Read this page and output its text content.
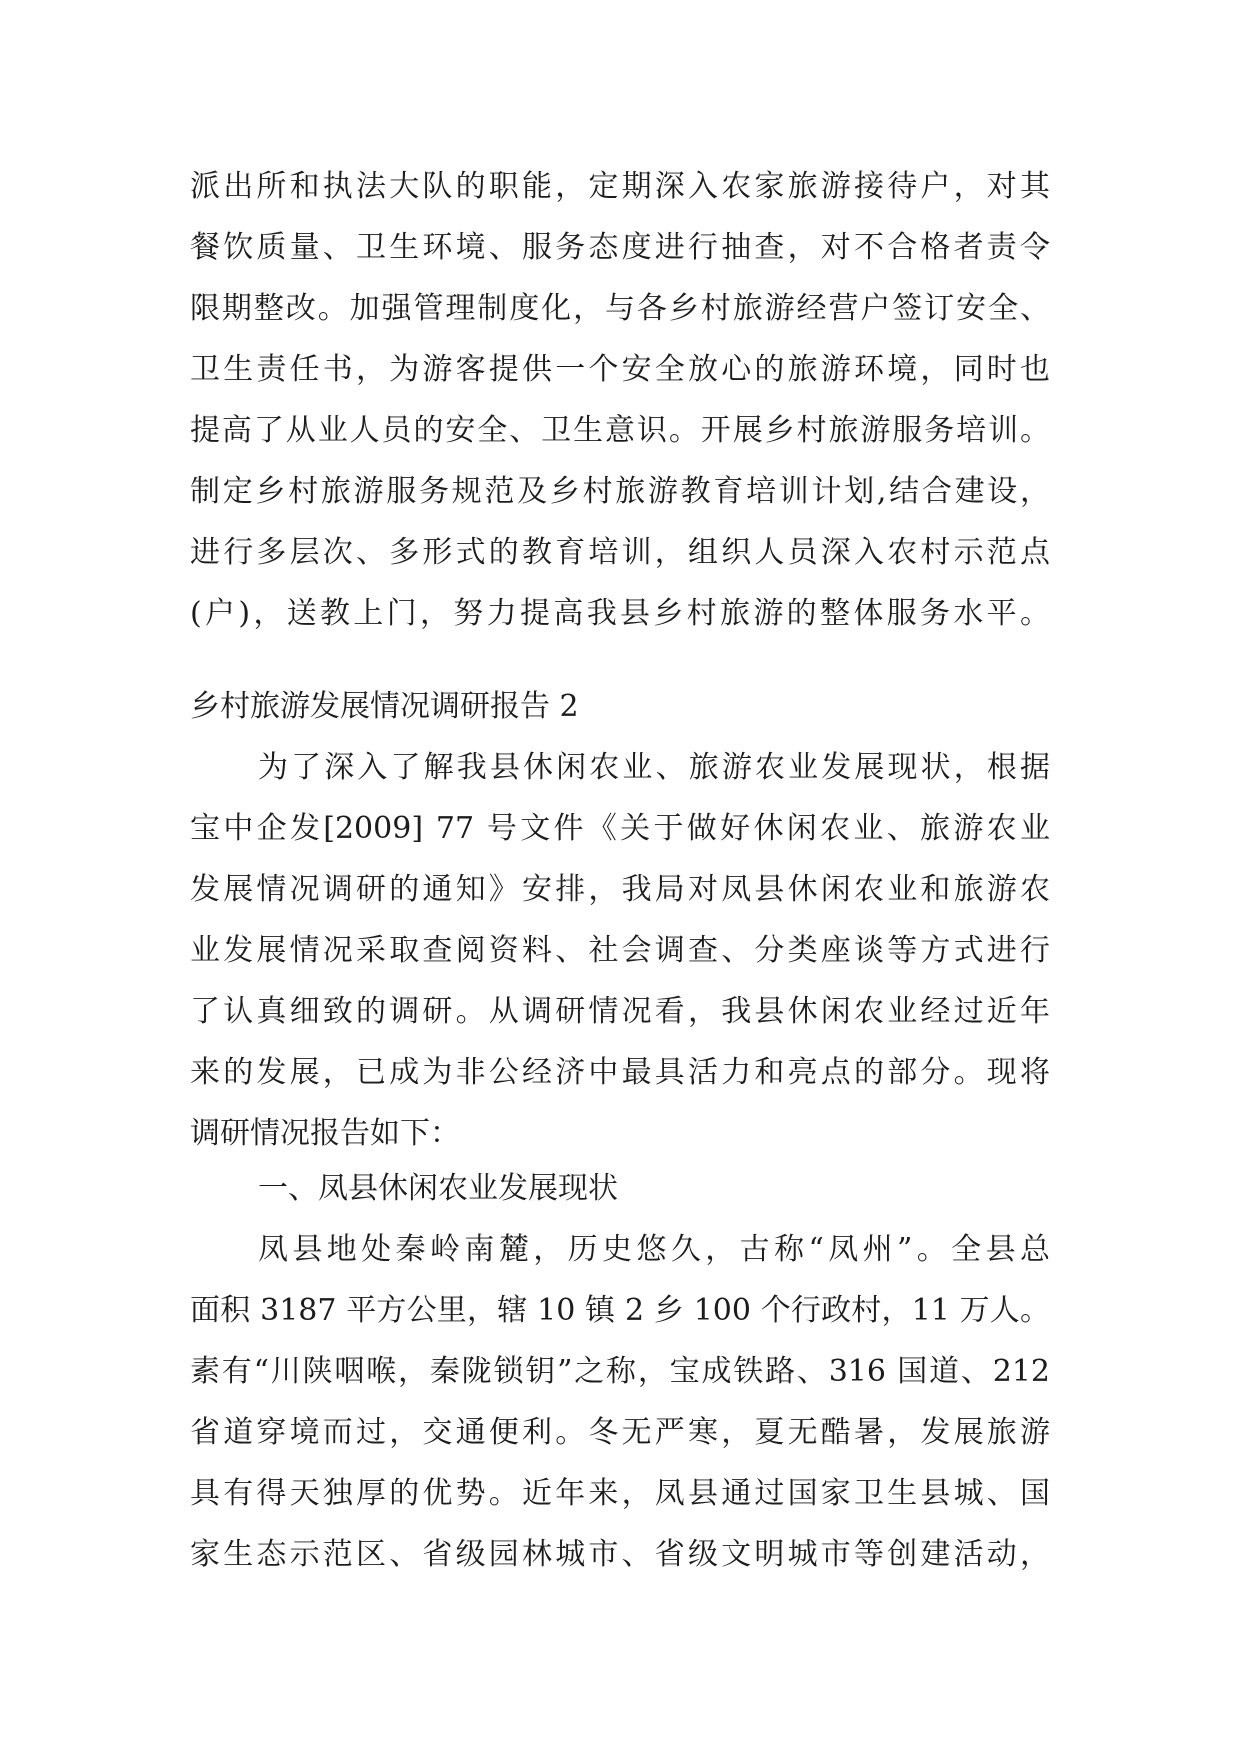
派出所和执法大队的职能，定期深入农家旅游接待户，对其
餐饮质量、卫生环境、服务态度进行抽查，对不合格者责令
限期整改。加强管理制度化，与各乡村旅游经营户签订安全、
卫生责任书，为游客提供一个安全放心的旅游环境，同时也
提高了从业人员的安全、卫生意识。开展乡村旅游服务培训。
制定乡村旅游服务规范及乡村旅游教育培训计划,结合建设，
进行多层次、多形式的教育培训，组织人员深入农村示范点
(户)，送教上门，努力提高我县乡村旅游的整体服务水平。
乡村旅游发展情况调研报告 2
为了深入了解我县休闲农业、旅游农业发展现状，根据
宝中企发[2009] 77 号文件《关于做好休闲农业、旅游农业
发展情况调研的通知》安排，我局对凤县休闲农业和旅游农
业发展情况采取查阅资料、社会调查、分类座谈等方式进行
了认真细致的调研。从调研情况看，我县休闲农业经过近年
来的发展，已成为非公经济中最具活力和亮点的部分。现将
调研情况报告如下：
一、凤县休闲农业发展现状
凤县地处秦岭南麓，历史悠久，古称“凤州”。全县总
面积 3187 平方公里，辖 10 镇 2 乡 100 个行政村，11 万人。
素有“川陕咽喉，秦陇锁钥”之称，宝成铁路、316 国道、212
省道穿境而过，交通便利。冬无严寒，夏无酷暑，发展旅游
具有得天独厚的优势。近年来，凤县通过国家卫生县城、国
家生态示范区、省级园林城市、省级文明城市等创建活动，
